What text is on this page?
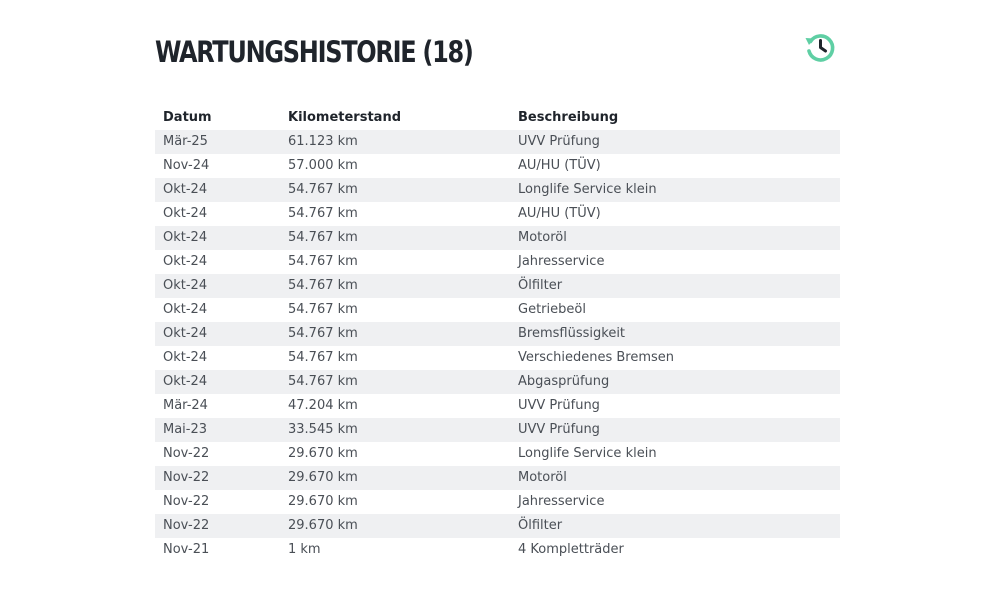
WARTUNGSHISTORIE (18)
Datum	Kilometerstand	Beschreibung
Mär-25	61.123 km	UVV Prüfung
Nov-24	57.000 km	AU/HU (TÜV)
Okt-24	54.767 km	Longlife Service klein
Okt-24	54.767 km	AU/HU (TÜV)
Okt-24	54.767 km	Motoröl
Okt-24	54.767 km	Jahresservice
Okt-24	54.767 km	Ölfilter
Okt-24	54.767 km	Getriebeöl
Okt-24	54.767 km	Bremsflüssigkeit
Okt-24	54.767 km	Verschiedenes Bremsen
Okt-24	54.767 km	Abgasprüfung
Mär-24	47.204 km	UVV Prüfung
Mai-23	33.545 km	UVV Prüfung
Nov-22	29.670 km	Longlife Service klein
Nov-22	29.670 km	Motoröl
Nov-22	29.670 km	Jahresservice
Nov-22	29.670 km	Ölfilter
Nov-21	1 km	4 Kompletträder
